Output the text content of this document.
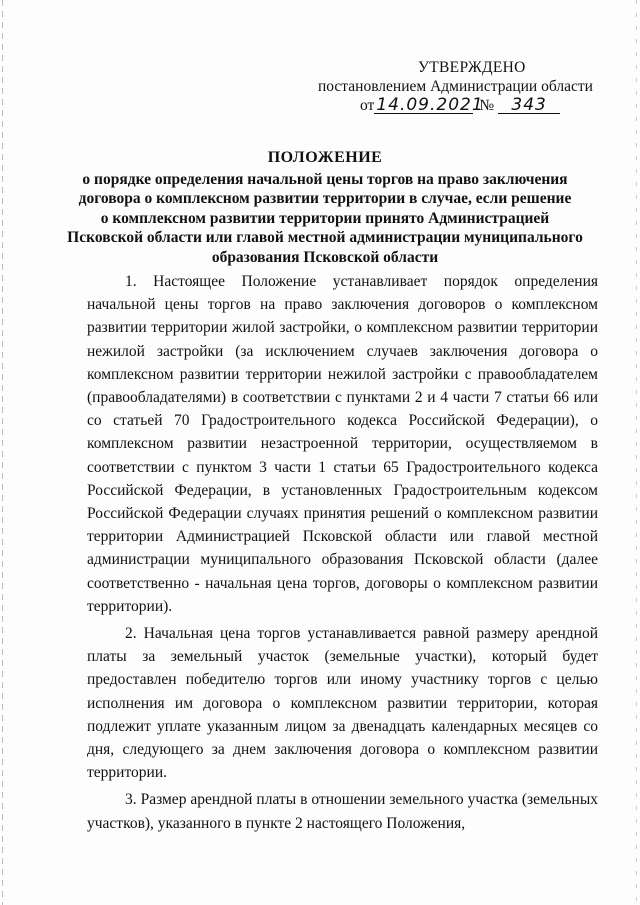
УТВЕРЖДЕНО
постановлением Администрации области
от 14.09.2021
№	343
ПОЛОЖЕНИЕ
о порядке определения начальной цены торгов на право заключения
договора о комплексном развитии территории в случае, если решение
о комплексном развитии территории принято Администрацией
Псковской области или главой местной администрации муниципального
образования Псковской области

1. Настоящее Положение устанавливает порядок определения начальной цены торгов на право заключения договоров о комплексном развитии территории жилой застройки, о комплексном развитии территории нежилой застройки (за исключением случаев заключения договора о комплексном развитии территории нежилой застройки с правообладателем (правообладателями) в соответствии с пунктами 2 и 4 части 7 статьи 66 или со статьей 70 Градостроительного кодекса Российской Федерации), о комплексном развитии незастроенной территории, осуществляемом в соответствии с пунктом 3 части 1 статьи 65 Градостроительного кодекса Российской Федерации, в установленных Градостроительным кодексом Российской Федерации случаях принятия решений о комплексном развитии территории Администрацией Псковской области или главой местной администрации муниципального образования Псковской области (далее соответственно - начальная цена торгов, договоры о комплексном развитии территории).

2. Начальная цена торгов устанавливается равной размеру арендной платы за земельный участок (земельные участки), который будет предоставлен победителю торгов или иному участнику торгов с целью исполнения им договора о комплексном развитии территории, которая подлежит уплате указанным лицом за двенадцать календарных месяцев со дня, следующего за днем заключения договора о комплексном развитии территории.

3. Размер арендной платы в отношении земельного участка (земельных участков), указанного в пункте 2 настоящего Положения,
